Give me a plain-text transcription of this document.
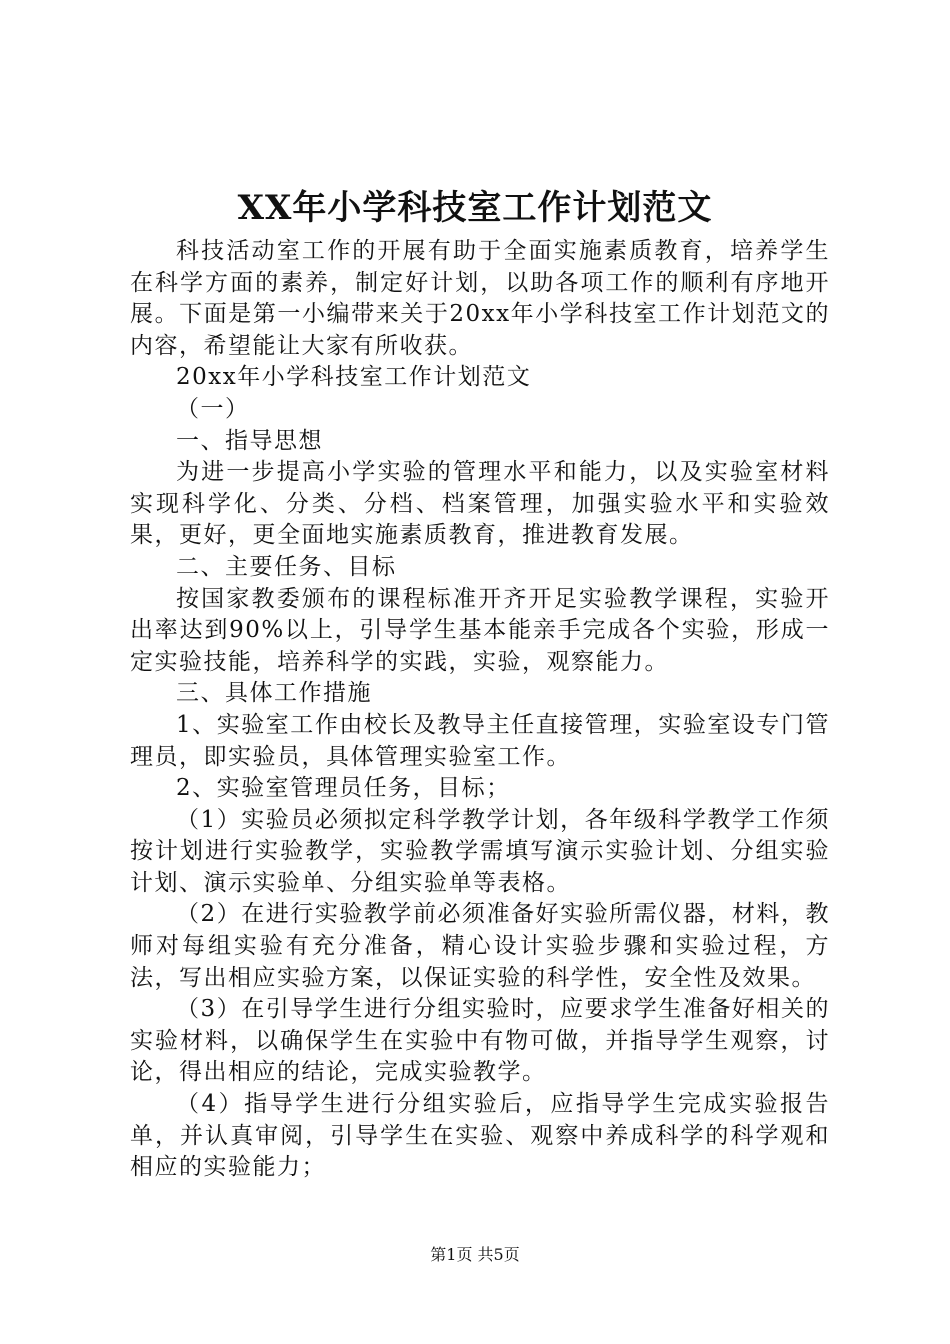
XX年小学科技室工作计划范文

科技活动室工作的开展有助于全面实施素质教育，培养学生在科学方面的素养，制定好计划，以助各项工作的顺利有序地开展。下面是第一小编带来关于20xx年小学科技室工作计划范文的内容，希望能让大家有所收获。

20xx年小学科技室工作计划范文

（一）

一、指导思想

为进一步提高小学实验的管理水平和能力，以及实验室材料实现科学化、分类、分档、档案管理，加强实验水平和实验效果，更好，更全面地实施素质教育，推进教育发展。

二、主要任务、目标

按国家教委颁布的课程标准开齐开足实验教学课程，实验开出率达到90%以上，引导学生基本能亲手完成各个实验，形成一定实验技能，培养科学的实践，实验，观察能力。

三、具体工作措施

1、实验室工作由校长及教导主任直接管理，实验室设专门管理员，即实验员，具体管理实验室工作。

2、实验室管理员任务，目标；

（1）实验员必须拟定科学教学计划，各年级科学教学工作须按计划进行实验教学，实验教学需填写演示实验计划、分组实验计划、演示实验单、分组实验单等表格。

（2）在进行实验教学前必须准备好实验所需仪器，材料，教师对每组实验有充分准备，精心设计实验步骤和实验过程，方法，写出相应实验方案，以保证实验的科学性，安全性及效果。

（3）在引导学生进行分组实验时，应要求学生准备好相关的实验材料，以确保学生在实验中有物可做，并指导学生观察，讨论，得出相应的结论，完成实验教学。

（4）指导学生进行分组实验后，应指导学生完成实验报告单，并认真审阅，引导学生在实验、观察中养成科学的科学观和相应的实验能力；

第1页 共5页
